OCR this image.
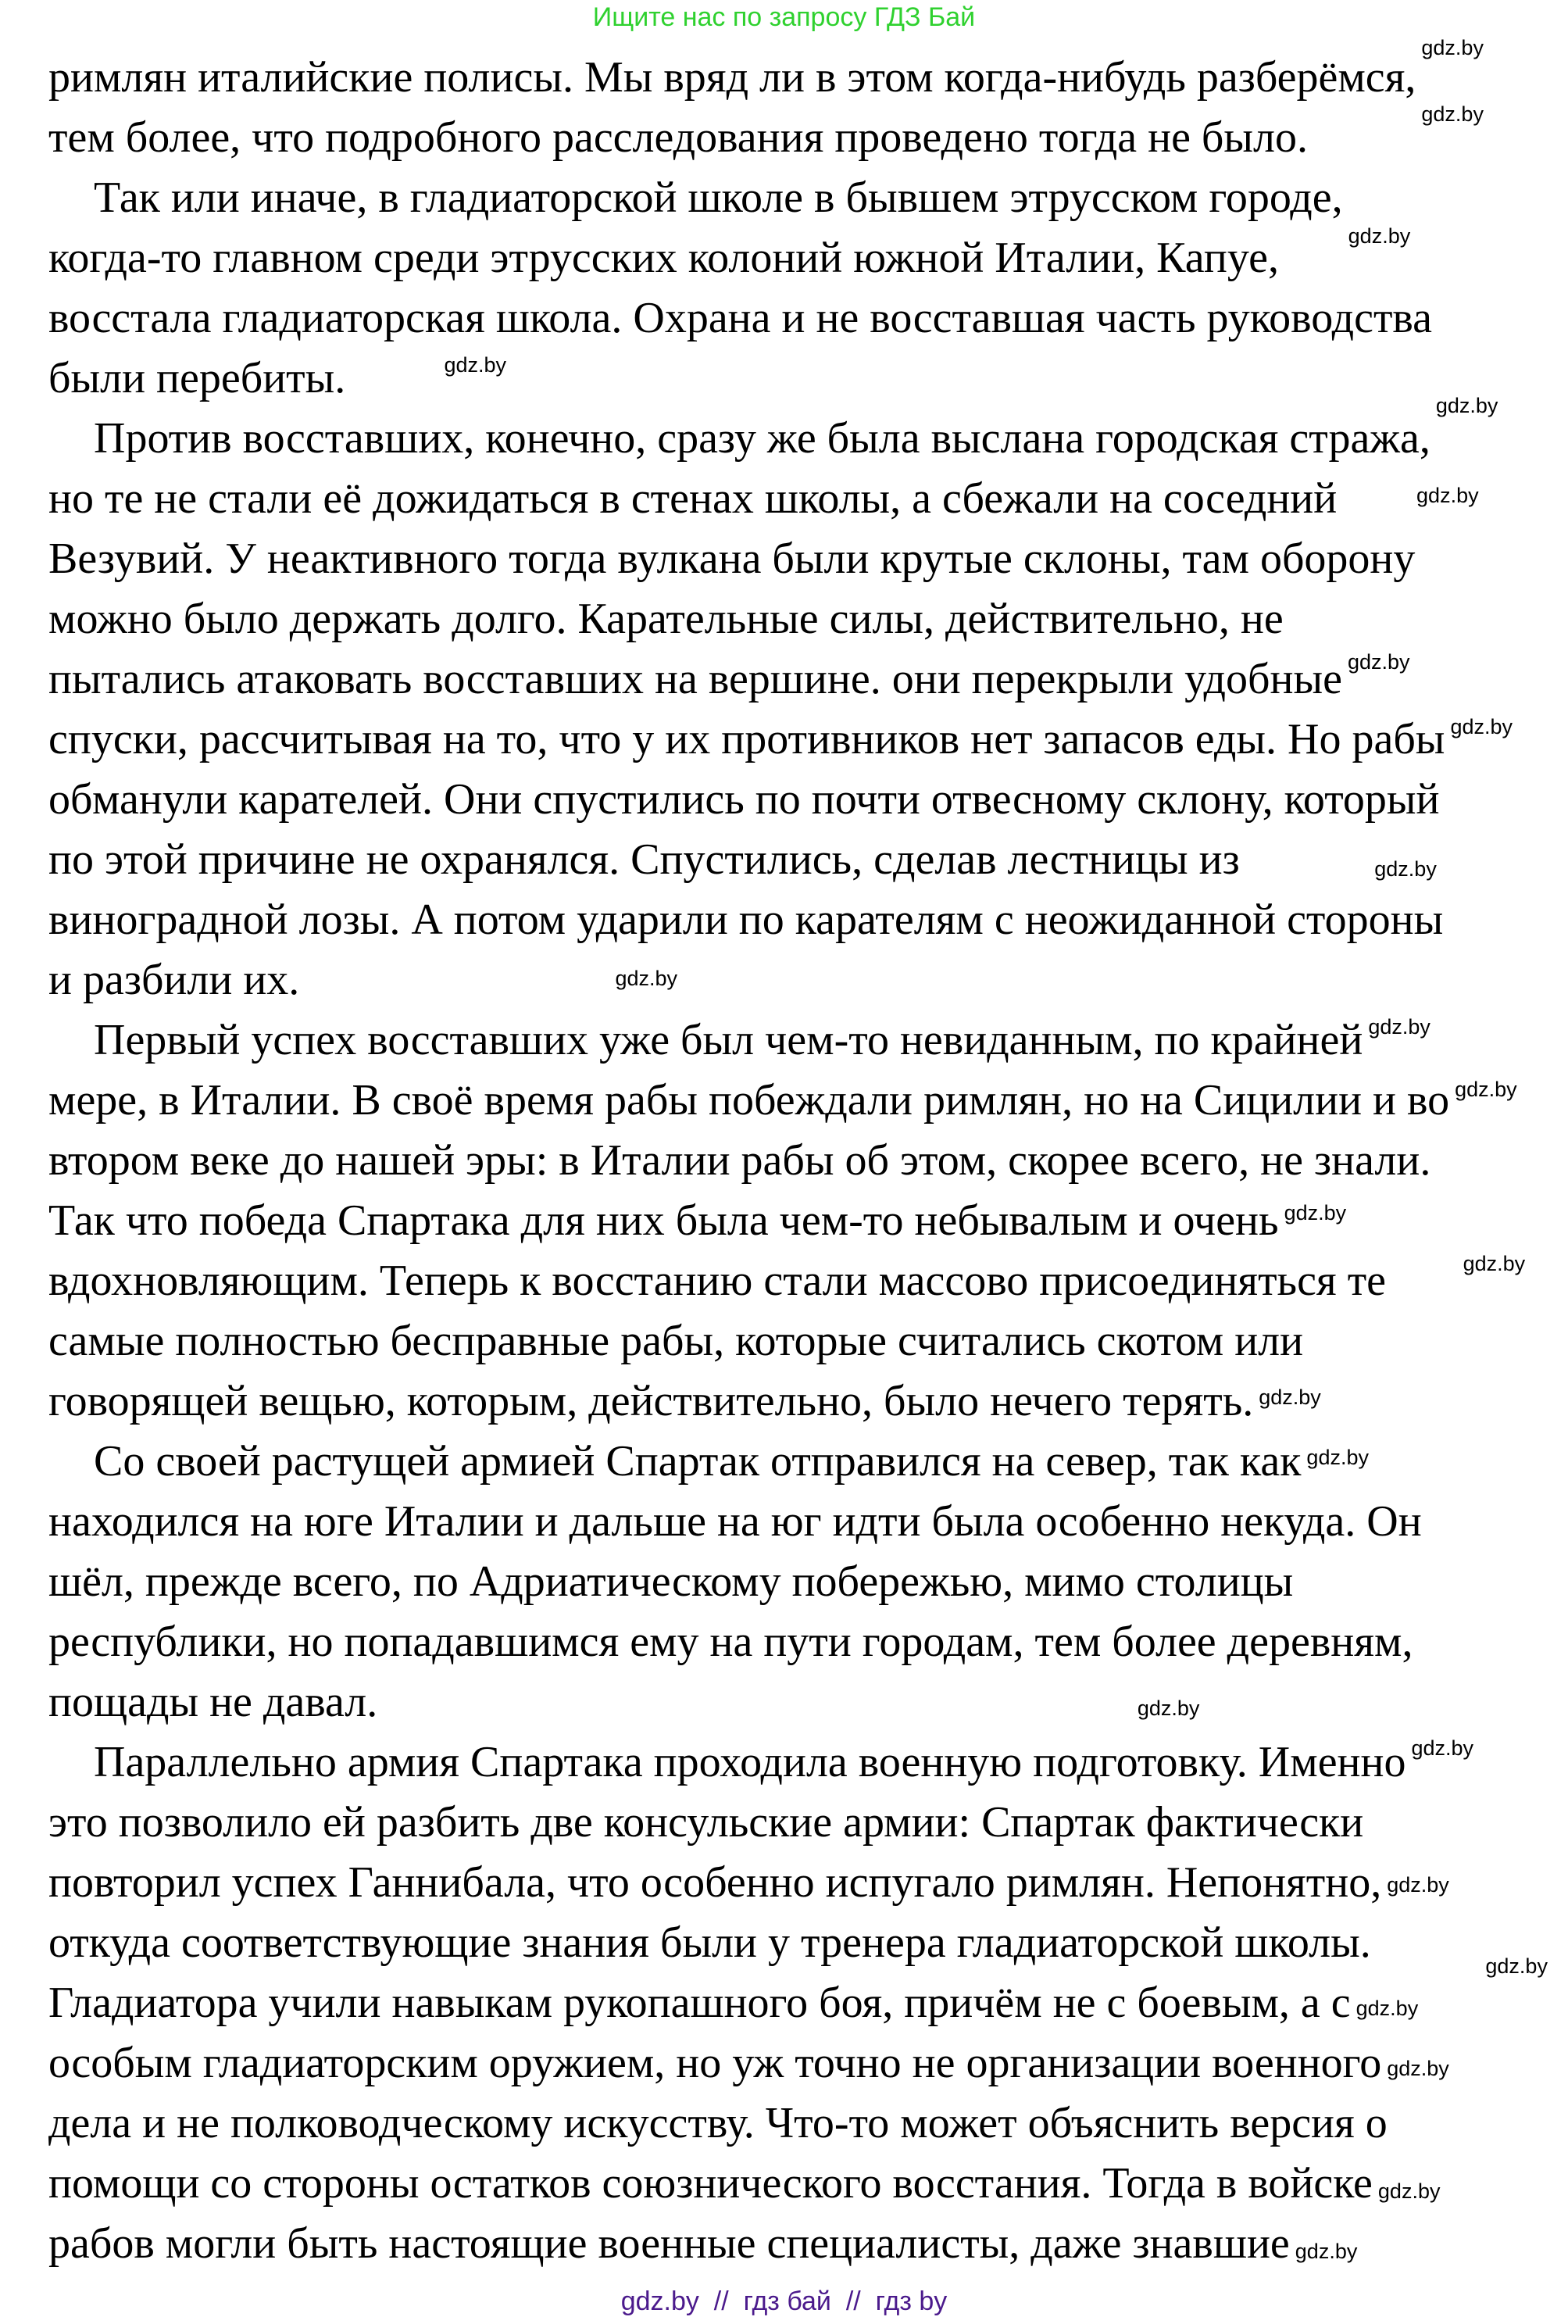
Ищите нас по запросу ГДЗ Бай
римлян италийские полисы. Мы вряд ли в этом когда-нибудь разберёмся,
тем более, что подробного расследования проведено тогда не было.
Так или иначе, в гладиаторской школе в бывшем этрусском городе,
когда-то главном среди этрусских колоний южной Италии, Капуе,
восстала гладиаторская школа. Охрана и не восставшая часть руководства
были перебиты.
Против восставших, конечно, сразу же была выслана городская стража,
но те не стали её дожидаться в стенах школы, а сбежали на соседний
Везувий. У неактивного тогда вулкана были крутые склоны, там оборону
можно было держать долго. Карательные силы, действительно, не
пытались атаковать восставших на вершине. они перекрыли удобные
спуски, рассчитывая на то, что у их противников нет запасов еды. Но рабы
обманули карателей. Они спустились по почти отвесному склону, который
по этой причине не охранялся. Спустились, сделав лестницы из
виноградной лозы. А потом ударили по карателям с неожиданной стороны
и разбили их.
Первый успех восставших уже был чем-то невиданным, по крайней
мере, в Италии. В своё время рабы побеждали римлян, но на Сицилии и во
втором веке до нашей эры: в Италии рабы об этом, скорее всего, не знали.
Так что победа Спартака для них была чем-то небывалым и очень
вдохновляющим. Теперь к восстанию стали массово присоединяться те
самые полностью бесправные рабы, которые считались скотом или
говорящей вещью, которым, действительно, было нечего терять.
Со своей растущей армией Спартак отправился на север, так как
находился на юге Италии и дальше на юг идти была особенно некуда. Он
шёл, прежде всего, по Адриатическому побережью, мимо столицы
республики, но попадавшимся ему на пути городам, тем более деревням,
пощады не давал.
Параллельно армия Спартака проходила военную подготовку. Именно
это позволило ей разбить две консульские армии: Спартак фактически
повторил успех Ганнибала, что особенно испугало римлян. Непонятно,
откуда соответствующие знания были у тренера гладиаторской школы.
Гладиатора учили навыкам рукопашного боя, причём не с боевым, а с
особым гладиаторским оружием, но уж точно не организации военного
дела и не полководческому искусству. Что-то может объяснить версия о
помощи со стороны остатков союзнического восстания. Тогда в войске
рабов могли быть настоящие военные специалисты, даже знавшие
gdz.by
gdz.by
gdz.by
gdz.by
gdz.by
gdz.by
gdz.by
gdz.by
gdz.by
gdz.by
gdz.by
gdz.by
gdz.by
gdz.by
gdz.by
gdz.by
gdz.by
gdz.by
gdz.by
gdz.by
gdz.by
gdz.by
gdz.by
gdz.by
gdz.by  //  гдз бай  //  гдз by
